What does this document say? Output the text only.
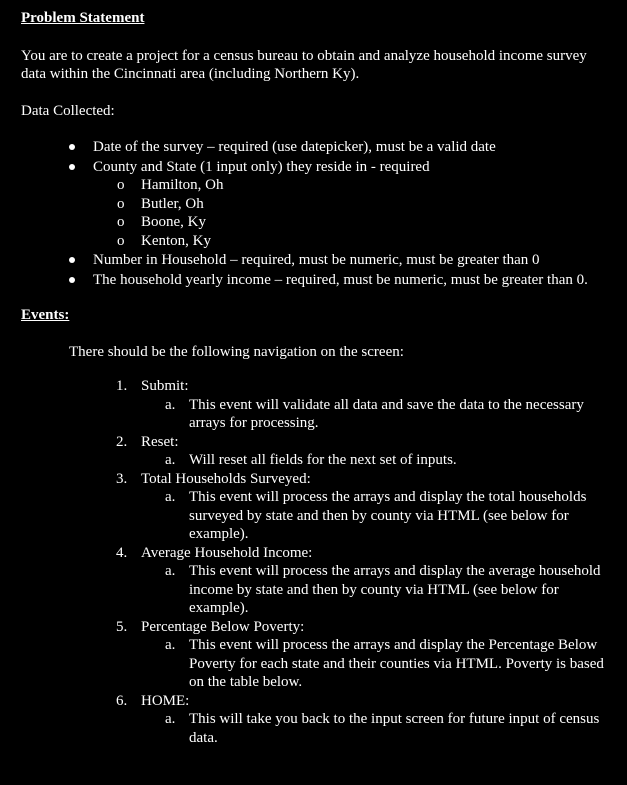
Problem Statement

You are to create a project for a census bureau to obtain and analyze household income survey data within the Cincinnati area (including Northern Ky).

Data Collected:

Date of the survey – required (use datepicker), must be a valid date
County and State (1 input only) they reside in - required
o Hamilton, Oh
o Butler, Oh
o Boone, Ky
o Kenton, Ky
Number in Household – required, must be numeric, must be greater than 0
The household yearly income – required, must be numeric, must be greater than 0.

Events:

There should be the following navigation on the screen:

1. Submit:
a. This event will validate all data and save the data to the necessary arrays for processing.
2. Reset:
a. Will reset all fields for the next set of inputs.
3. Total Households Surveyed:
a. This event will process the arrays and display the total households surveyed by state and then by county via HTML (see below for example).
4. Average Household Income:
a. This event will process the arrays and display the average household income by state and then by county via HTML (see below for example).
5. Percentage Below Poverty:
a. This event will process the arrays and display the Percentage Below Poverty for each state and their counties via HTML. Poverty is based on the table below.
6. HOME:
a. This will take you back to the input screen for future input of census data.
